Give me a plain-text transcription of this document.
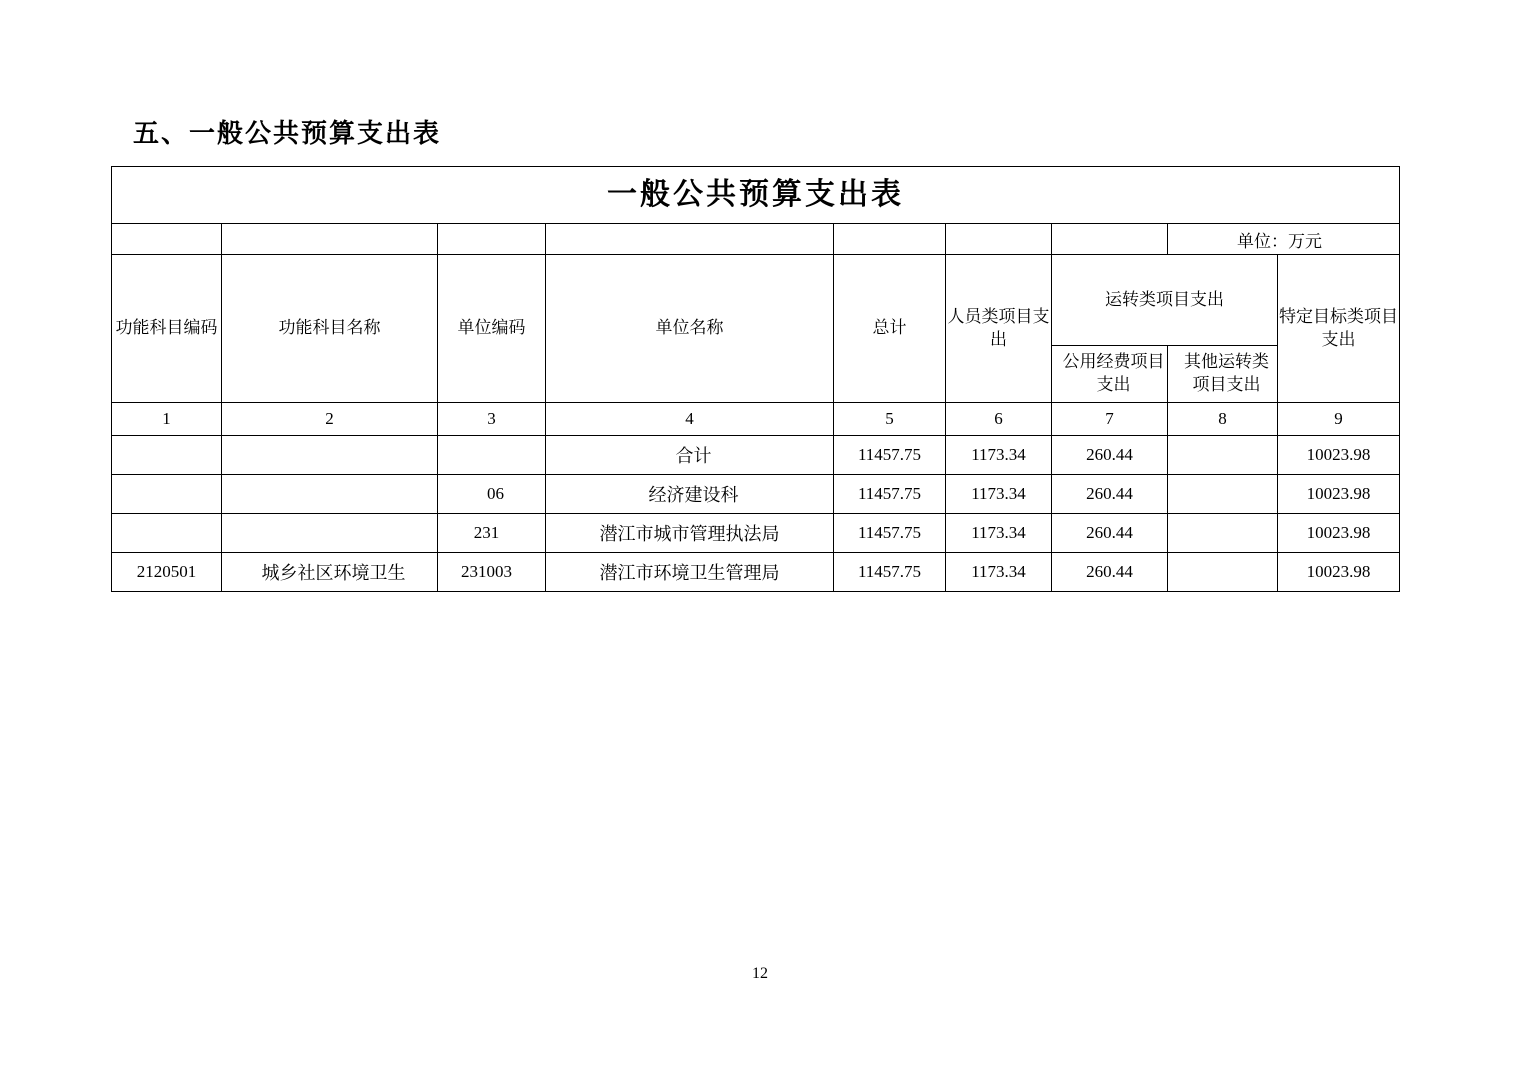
五、一般公共预算支出表
一般公共预算支出表								
							单位：万元	
功能科目编码	功能科目名称	单位编码	单位名称	总计	人员类项目支出	运转类项目支出		特定目标类项目支出
						公用经费项目支出	其他运转类项目支出	
1	2	3	4	5	6	7	8	9
			合计	11457.75	1173.34	260.44		10023.98
		06	经济建设科	11457.75	1173.34	260.44		10023.98
		231	潜江市城市管理执法局	11457.75	1173.34	260.44		10023.98
2120501	城乡社区环境卫生	231003	潜江市环境卫生管理局	11457.75	1173.34	260.44		10023.98
12
